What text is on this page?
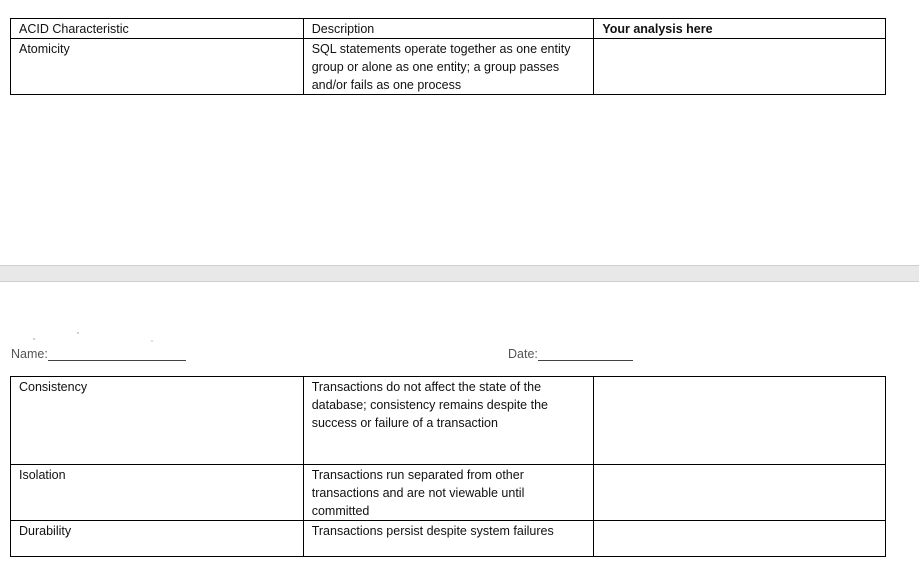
ACID Characteristic	Description	Your analysis here
Atomicity	SQL statements operate together as one entity group or alone as one entity; a group passes and/or fails as one process	
Name:	Date:
Consistency	Transactions do not affect the state of the database; consistency remains despite the success or failure of a transaction	
Isolation	Transactions run separated from other transactions and are not viewable until committed	
Durability	Transactions persist despite system failures	
